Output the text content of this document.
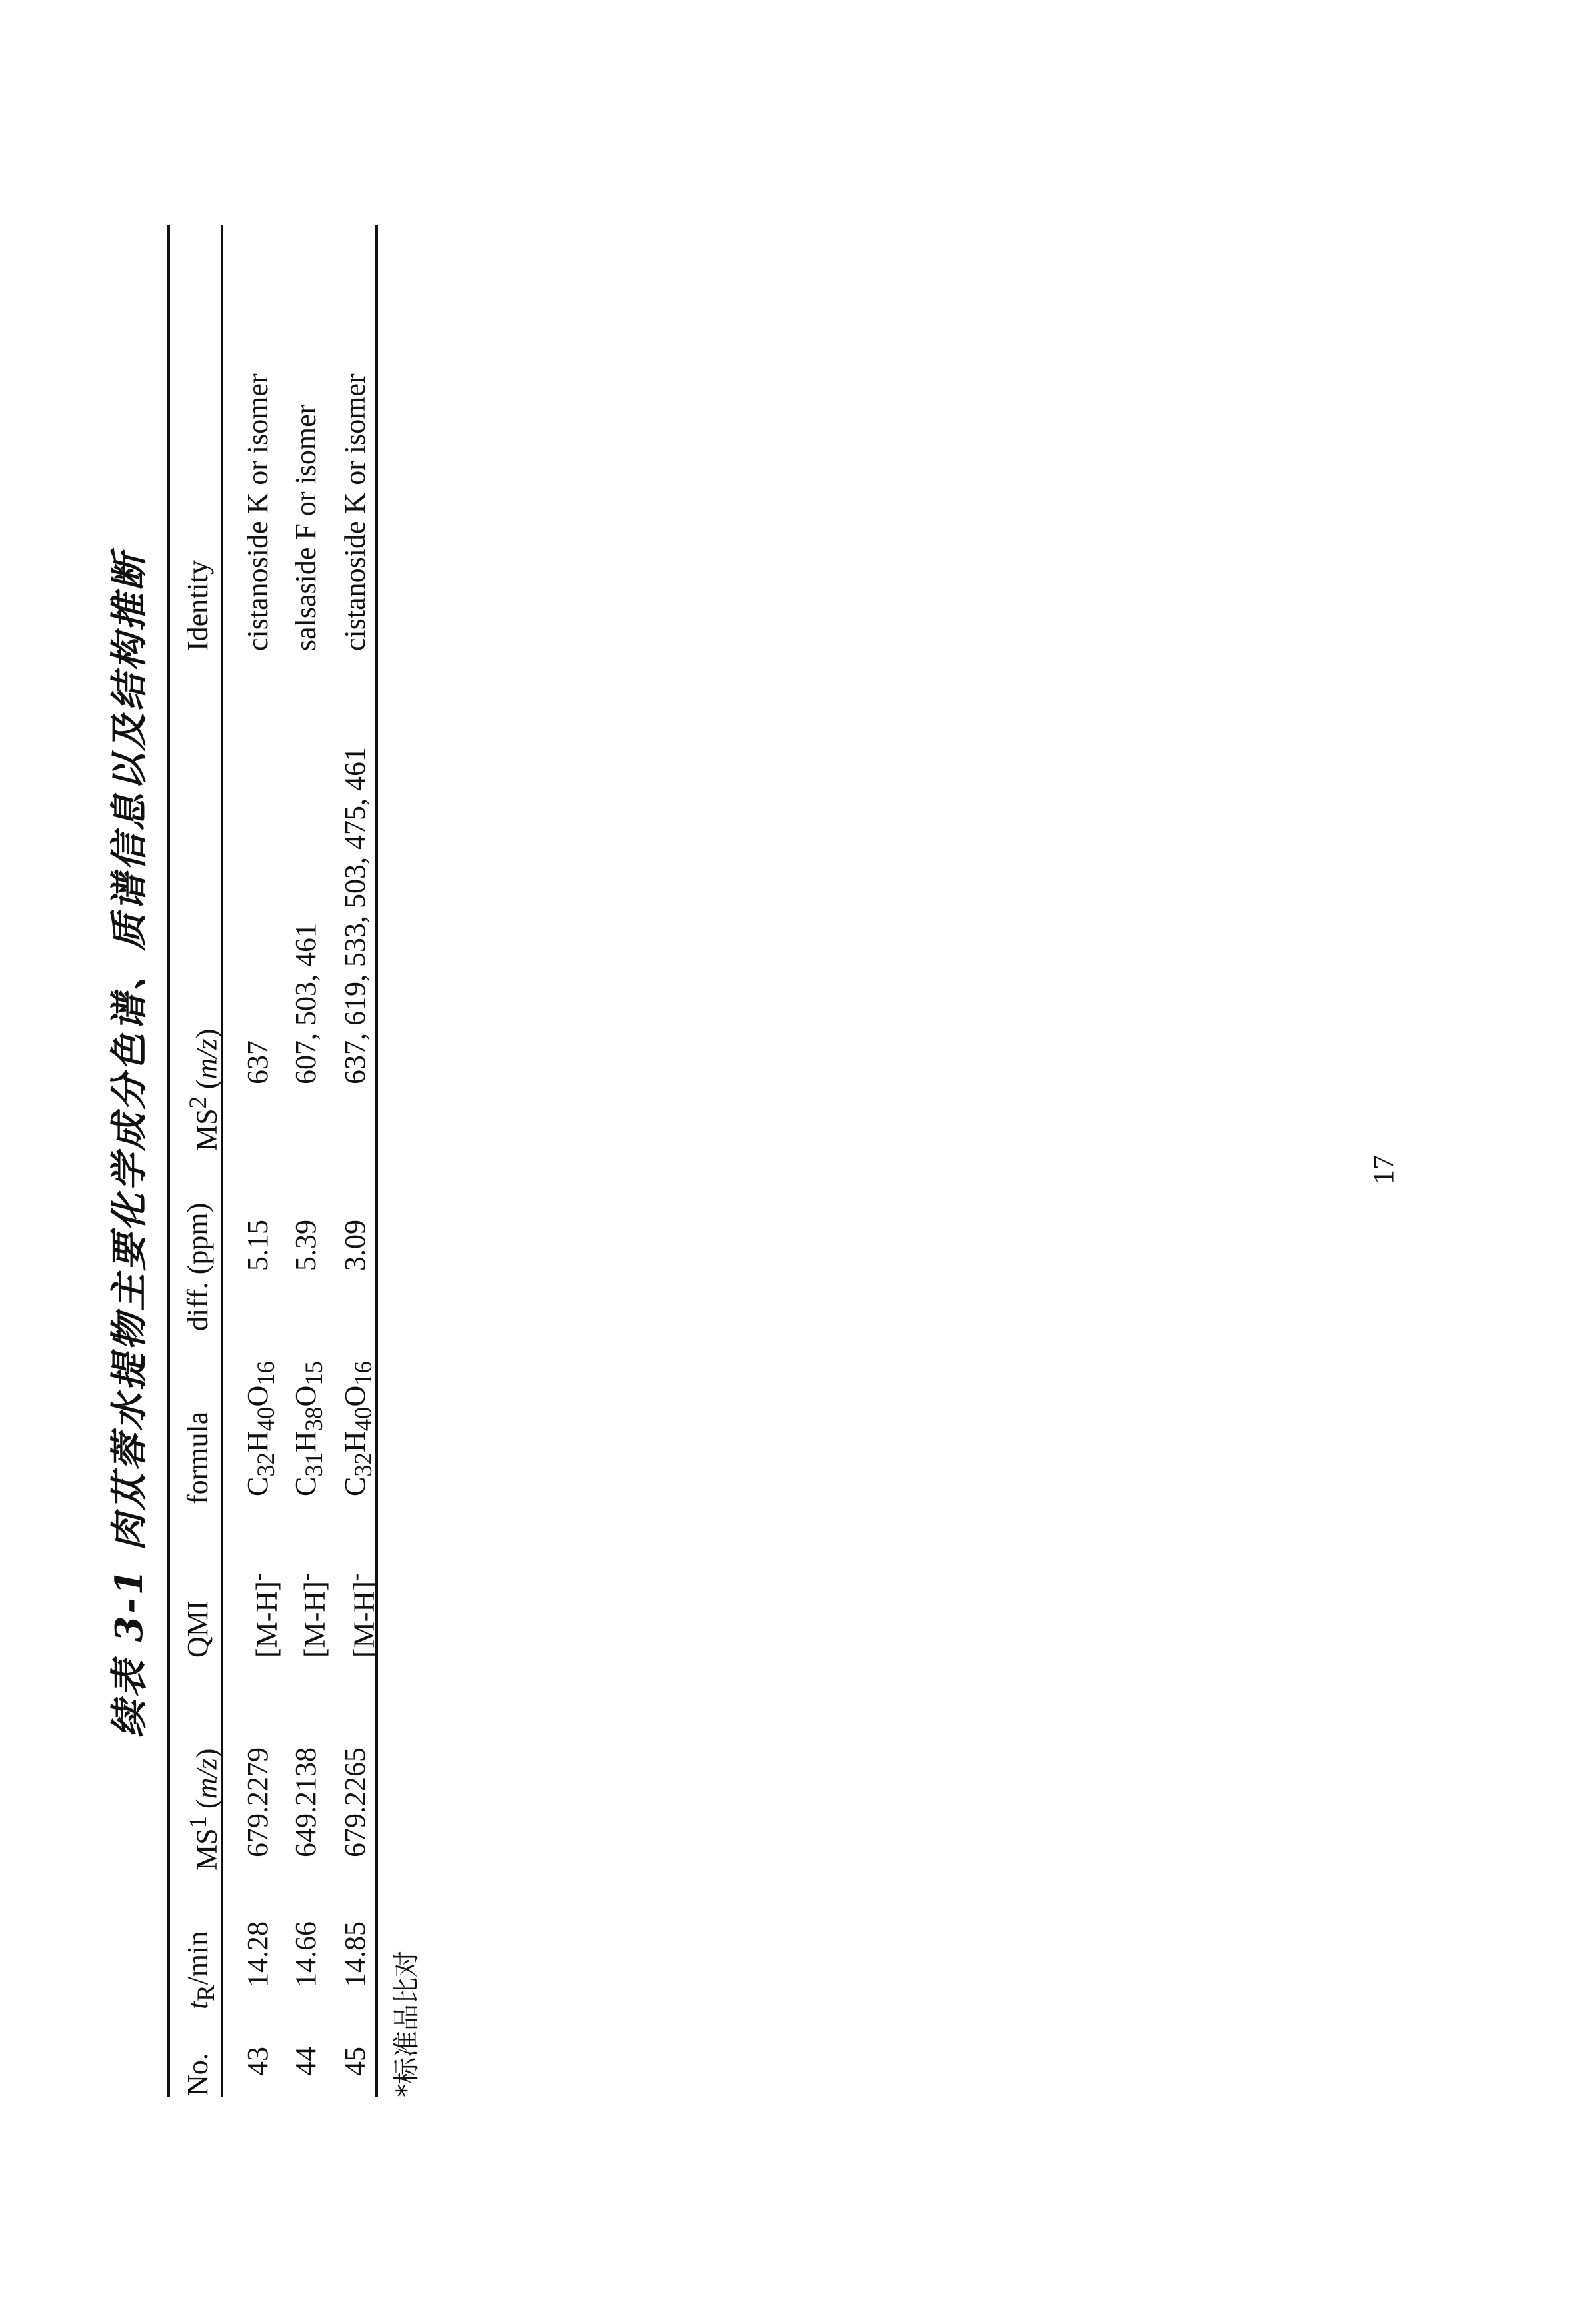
续表 3-1 肉苁蓉水提物主要化学成分色谱、质谱信息以及结构推断
No.
$t_R/\min$
$MS^1$ (m/z)
QMI
formula
diff. (ppm)
$MS^2$ (m/z)
Identity
43
14.28
679.2279
[M-H]-
$C_{32}H_{40}O_{16}$
5.15
637
cistanoside K or isomer
44
14.66
649.2138
[M-H]-
$C_{31}H_{38}O_{15}$
5.39
607, 503, 461
salsaside F or isomer
45
14.85
679.2265
[M-H]-
$C_{32}H_{40}O_{16}$
3.09
637, 619, 533, 503, 475, 461
cistanoside K or isomer
*标准品比对
17
